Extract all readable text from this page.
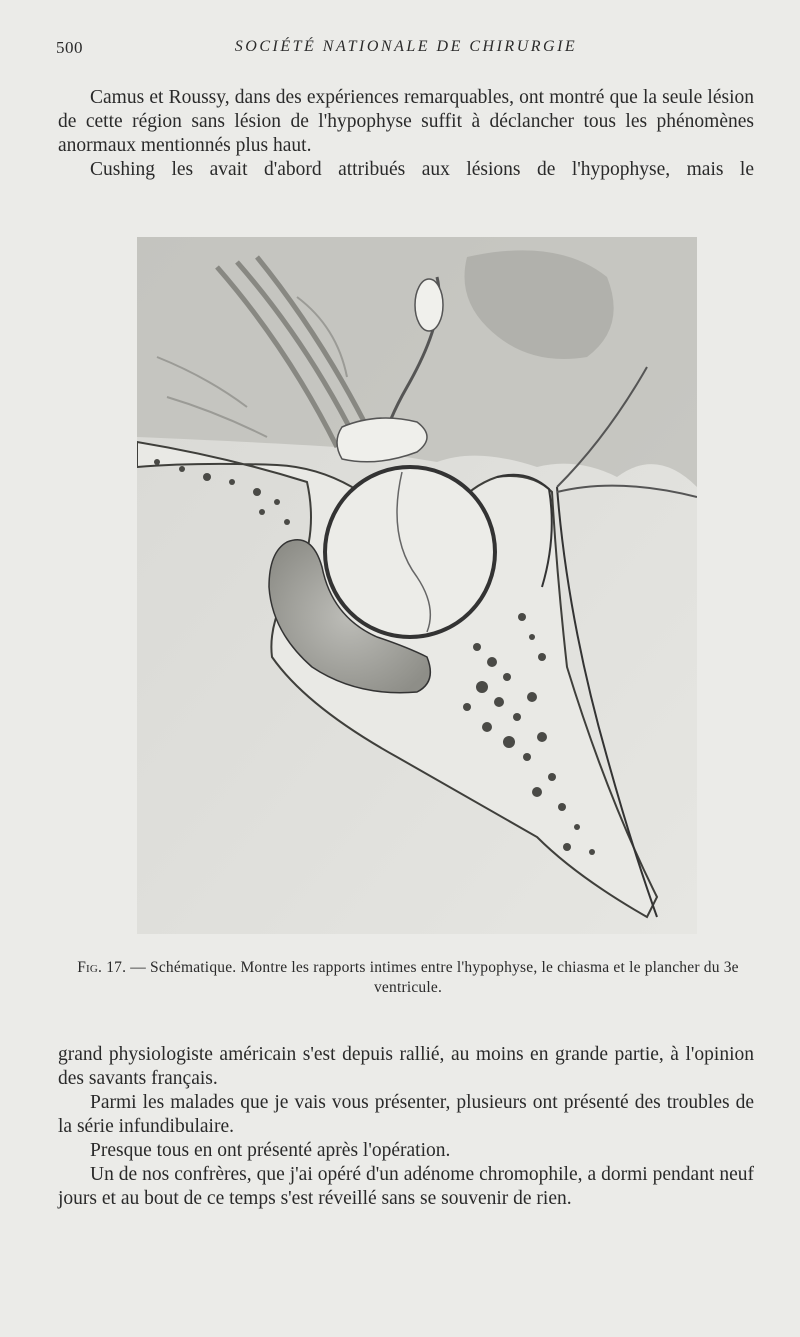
500	SOCIÉTÉ NATIONALE DE CHIRURGIE

Camus et Roussy, dans des expériences remarquables, ont montré que la seule lésion de cette région sans lésion de l'hypophyse suffit à déclancher tous les phénomènes anormaux mentionnés plus haut.

Cushing les avait d'abord attribués aux lésions de l'hypophyse, mais le

Fig. 17. — Schématique. Montre les rapports intimes entre l'hypophyse, le chiasma et le plancher du 3e ventricule.

grand physiologiste américain s'est depuis rallié, au moins en grande partie, à l'opinion des savants français.

Parmi les malades que je vais vous présenter, plusieurs ont présenté des troubles de la série infundibulaire.

Presque tous en ont présenté après l'opération.

Un de nos confrères, que j'ai opéré d'un adénome chromophile, a dormi pendant neuf jours et au bout de ce temps s'est réveillé sans se souvenir de rien.
